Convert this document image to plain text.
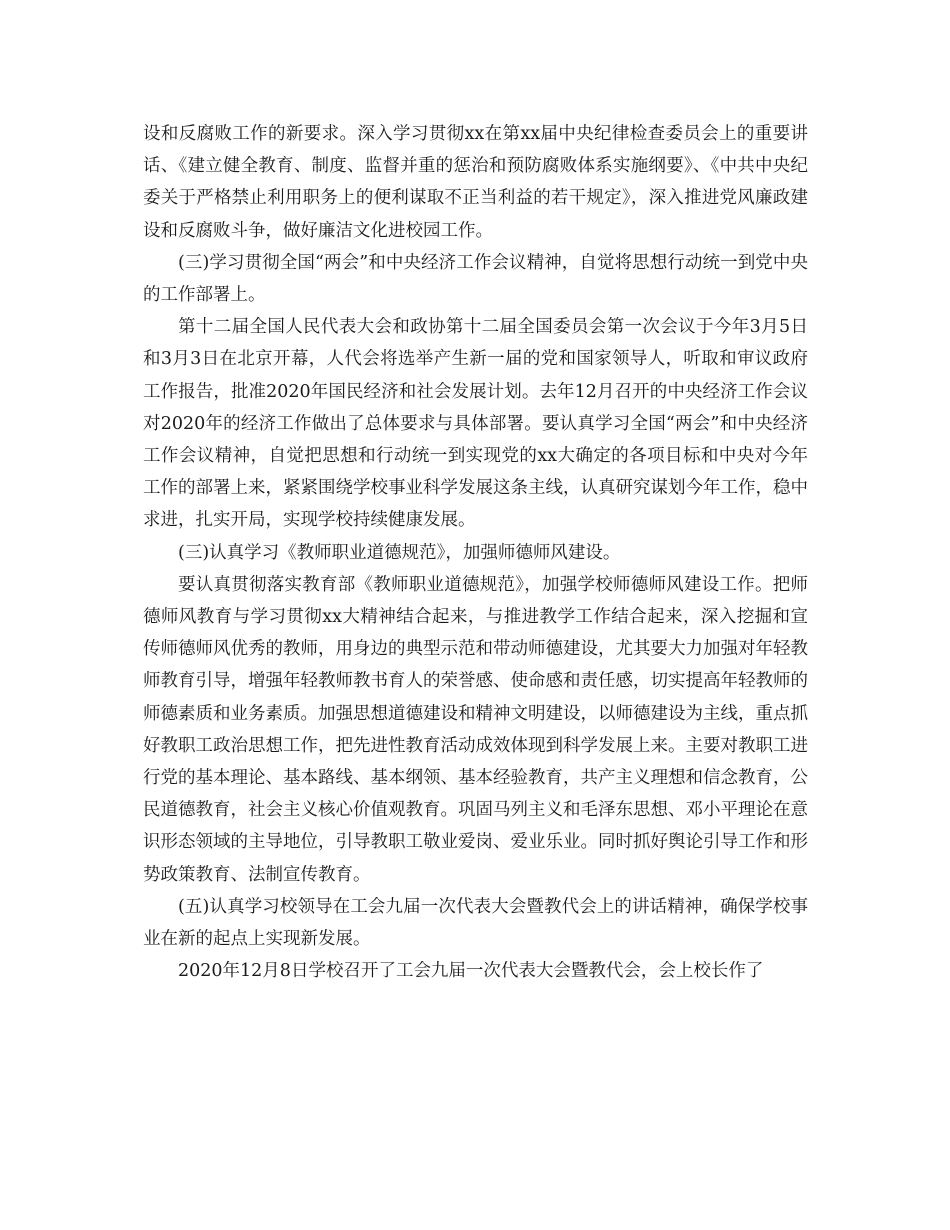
设和反腐败工作的新要求。深入学习贯彻xx在第xx届中央纪律检查委员会上的重要讲话、《建立健全教育、制度、监督并重的惩治和预防腐败体系实施纲要》、《中共中央纪委关于严格禁止利用职务上的便利谋取不正当利益的若干规定》，深入推进党风廉政建设和反腐败斗争，做好廉洁文化进校园工作。

(三)学习贯彻全国“两会”和中央经济工作会议精神，自觉将思想行动统一到党中央的工作部署上。

第十二届全国人民代表大会和政协第十二届全国委员会第一次会议于今年3月5日和3月3日在北京开幕，人代会将选举产生新一届的党和国家领导人，听取和审议政府工作报告，批准2020年国民经济和社会发展计划。去年12月召开的中央经济工作会议对2020年的经济工作做出了总体要求与具体部署。要认真学习全国“两会”和中央经济工作会议精神，自觉把思想和行动统一到实现党的xx大确定的各项目标和中央对今年工作的部署上来，紧紧围绕学校事业科学发展这条主线，认真研究谋划今年工作，稳中求进，扎实开局，实现学校持续健康发展。

(三)认真学习《教师职业道德规范》，加强师德师风建设。

要认真贯彻落实教育部《教师职业道德规范》，加强学校师德师风建设工作。把师德师风教育与学习贯彻xx大精神结合起来，与推进教学工作结合起来，深入挖掘和宣传师德师风优秀的教师，用身边的典型示范和带动师德建设，尤其要大力加强对年轻教师教育引导，增强年轻教师教书育人的荣誉感、使命感和责任感，切实提高年轻教师的师德素质和业务素质。加强思想道德建设和精神文明建设，以师德建设为主线，重点抓好教职工政治思想工作，把先进性教育活动成效体现到科学发展上来。主要对教职工进行党的基本理论、基本路线、基本纲领、基本经验教育，共产主义理想和信念教育，公民道德教育，社会主义核心价值观教育。巩固马列主义和毛泽东思想、邓小平理论在意识形态领域的主导地位，引导教职工敬业爱岗、爱业乐业。同时抓好舆论引导工作和形势政策教育、法制宣传教育。

(五)认真学习校领导在工会九届一次代表大会暨教代会上的讲话精神，确保学校事业在新的起点上实现新发展。

2020年12月8日学校召开了工会九届一次代表大会暨教代会，会上校长作了
